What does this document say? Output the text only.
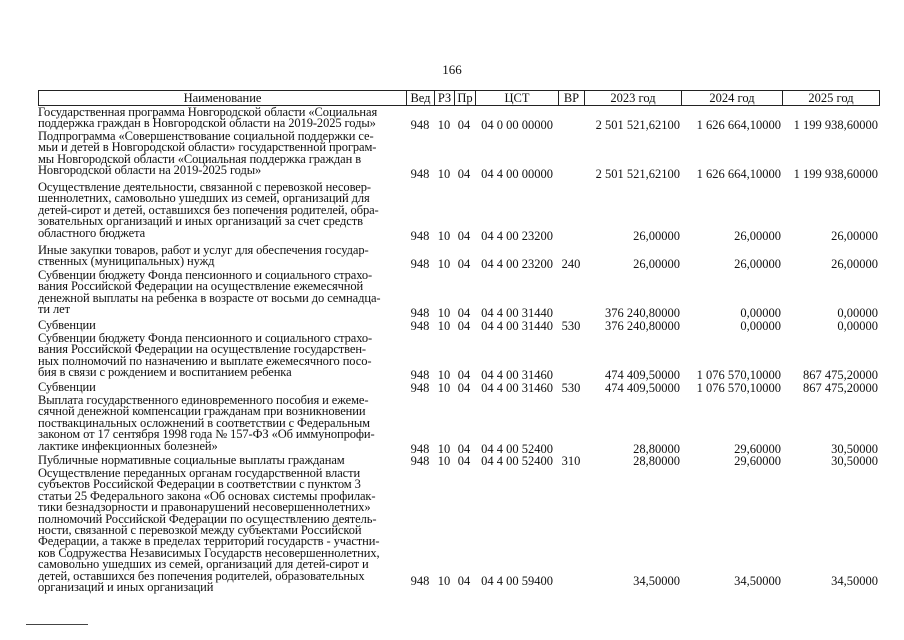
166
Наименование	Вед РЗ Пр	ЦСТ	ВР	2023 год	2024 год	2025 год
Государственная программа Новгородской области «Социальная
поддержка граждан в Новгородской области на 2019-2025 годы»	948 10 04 04 0 00 00000	2 501 521,62100	1 626 664,10000	1 199 938,60000
Подпрограмма «Совершенствование социальной поддержки се-
мьи и детей в Новгородской области» государственной програм-
мы Новгородской области «Социальная поддержка граждан в
Новгородской области на 2019-2025 годы»	948 10 04 04 4 00 00000	2 501 521,62100	1 626 664,10000	1 199 938,60000
Осуществление деятельности, связанной с перевозкой несовер-
шеннолетних, самовольно ушедших из семей, организаций для
детей-сирот и детей, оставшихся без попечения родителей, обра-
зовательных организаций и иных организаций за счет средств
областного бюджета	948 10 04 04 4 00 23200	26,00000	26,00000	26,00000
Иные закупки товаров, работ и услуг для обеспечения государ-
ственных (муниципальных) нужд	948 10 04 04 4 00 23200 240	26,00000	26,00000	26,00000
Субвенции бюджету Фонда пенсионного и социального страхо-
вания Российской Федерации на осуществление ежемесячной
денежной выплаты на ребенка в возрасте от восьми до семнадца-
ти лет	948 10 04 04 4 00 31440	376 240,80000	0,00000	0,00000
Субвенции	948 10 04 04 4 00 31440 530	376 240,80000	0,00000	0,00000
Субвенции бюджету Фонда пенсионного и социального страхо-
вания Российской Федерации на осуществление государствен-
ных полномочий по назначению и выплате ежемесячного посо-
бия в связи с рождением и воспитанием ребенка	948 10 04 04 4 00 31460	474 409,50000	1 076 570,10000	867 475,20000
Субвенции	948 10 04 04 4 00 31460 530	474 409,50000	1 076 570,10000	867 475,20000
Выплата государственного единовременного пособия и ежеме-
сячной денежной компенсации гражданам при возникновении
поствакцинальных осложнений в соответствии с Федеральным
законом от 17 сентября 1998 года № 157-ФЗ «Об иммунопрофи-
лактике инфекционных болезней»	948 10 04 04 4 00 52400	28,80000	29,60000	30,50000
Публичные нормативные социальные выплаты гражданам	948 10 04 04 4 00 52400 310	28,80000	29,60000	30,50000
Осуществление переданных органам государственной власти
субъектов Российской Федерации в соответствии с пунктом 3
статьи 25 Федерального закона «Об основах системы профилак-
тики безнадзорности и правонарушений несовершеннолетних»
полномочий Российской Федерации по осуществлению деятель-
ности, связанной с перевозкой между субъектами Российской
Федерации, а также в пределах территорий государств - участни-
ков Содружества Независимых Государств несовершеннолетних,
самовольно ушедших из семей, организаций для детей-сирот и
детей, оставшихся без попечения родителей, образовательных
организаций и иных организаций	948 10 04 04 4 00 59400	34,50000	34,50000	34,50000
